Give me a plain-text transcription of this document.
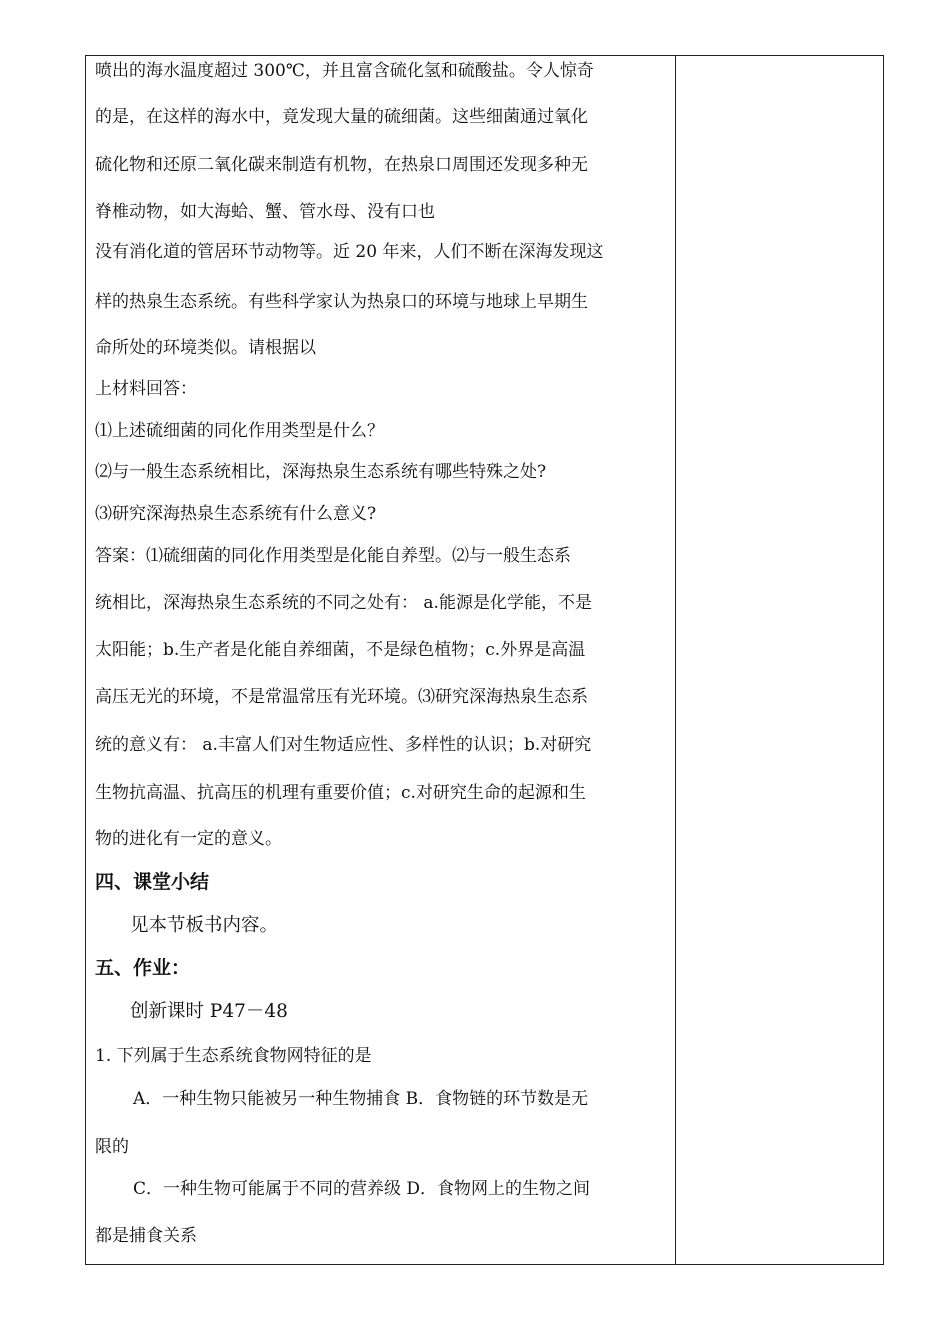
喷出的海水温度超过 300℃，并且富含硫化氢和硫酸盐。令人惊奇
的是，在这样的海水中，竟发现大量的硫细菌。这些细菌通过氧化
硫化物和还原二氧化碳来制造有机物，在热泉口周围还发现多种无
脊椎动物，如大海蛤、蟹、管水母、没有口也
没有消化道的管居环节动物等。近 20 年来，人们不断在深海发现这
样的热泉生态系统。有些科学家认为热泉口的环境与地球上早期生
命所处的环境类似。请根据以
上材料回答：
⑴上述硫细菌的同化作用类型是什么？
⑵与一般生态系统相比，深海热泉生态系统有哪些特殊之处?
⑶研究深海热泉生态系统有什么意义?
答案：⑴硫细菌的同化作用类型是化能自养型。⑵与一般生态系
统相比，深海热泉生态系统的不同之处有： a.能源是化学能，不是
太阳能；b.生产者是化能自养细菌，不是绿色植物；c.外界是高温
高压无光的环境，不是常温常压有光环境。⑶研究深海热泉生态系
统的意义有： a.丰富人们对生物适应性、多样性的认识；b.对研究
生物抗高温、抗高压的机理有重要价值；c.对研究生命的起源和生
物的进化有一定的意义。
四、课堂小结
见本节板书内容。
五、作业：
创新课时 P47－48
1. 下列属于生态系统食物网特征的是
A．一种生物只能被另一种生物捕食 B．食物链的环节数是无
限的
C．一种生物可能属于不同的营养级 D．食物网上的生物之间
都是捕食关系
